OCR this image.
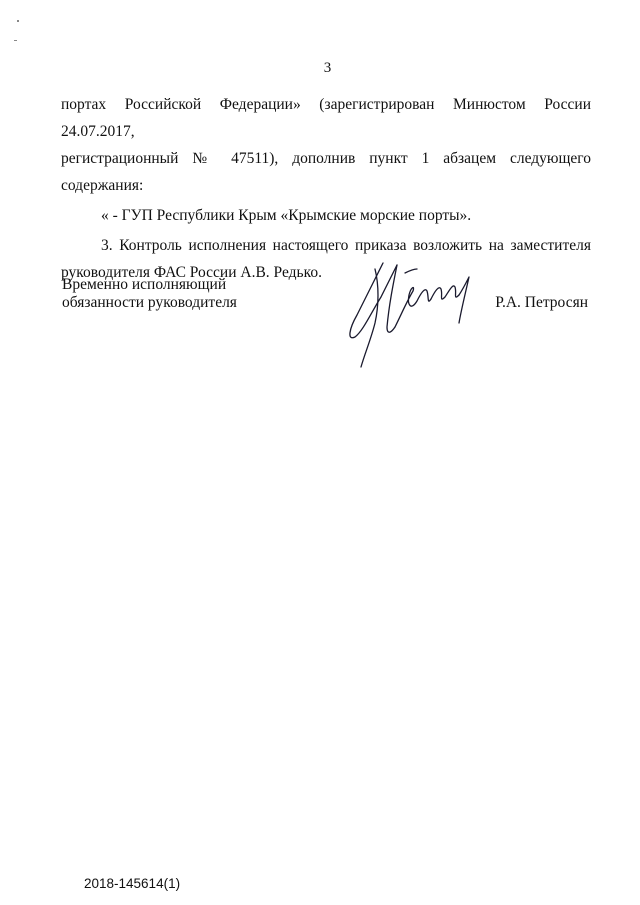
3

портах Российской Федерации» (зарегистрирован Минюстом России 24.07.2017,

регистрационный № 47511), дополнив пункт 1 абзацем следующего содержания:

« - ГУП Республики Крым «Крымские морские порты».

3. Контроль исполнения настоящего приказа возложить на заместителя

руководителя ФАС России А.В. Редько.

Временно исполняющий
обязанности руководителя	Р.А. Петросян
2018-145614(1)
